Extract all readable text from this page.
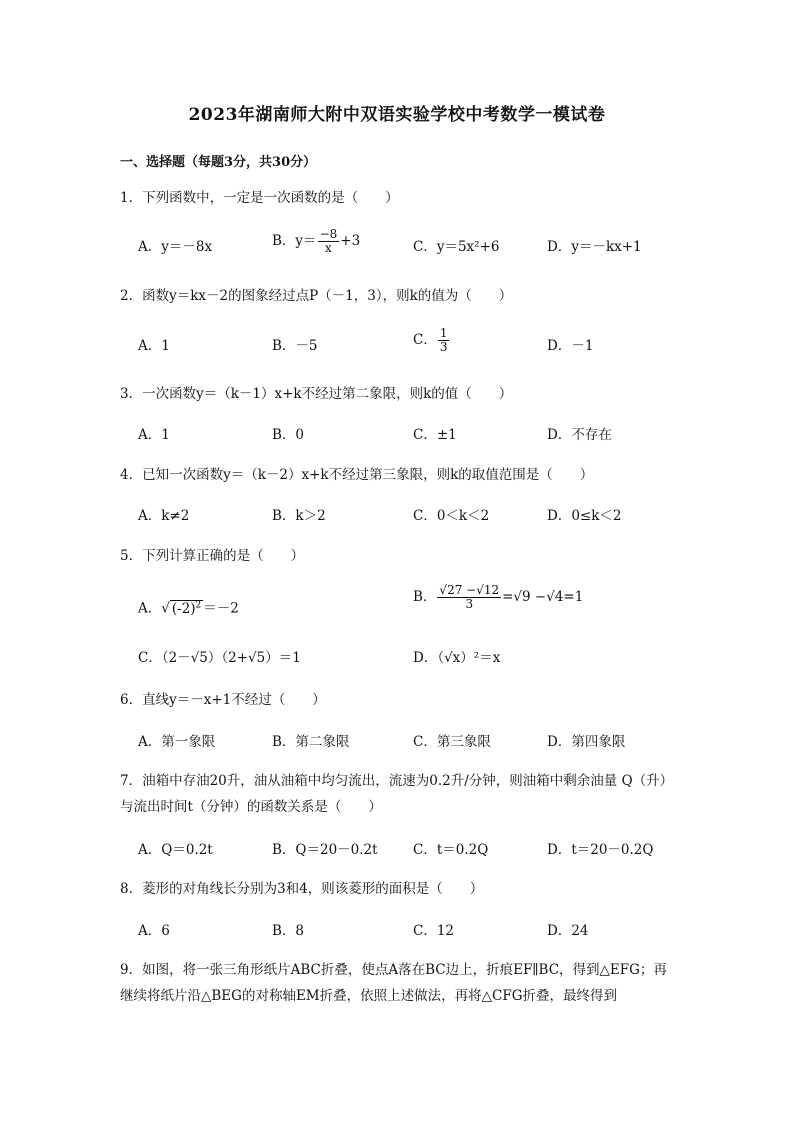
2023年湖南师大附中双语实验学校中考数学一模试卷
一、选择题（每题3分，共30分）
1．下列函数中，一定是一次函数的是（　　）
A．y＝－8x	B．$y= \frac{-8}{x} +3$	C．y＝5x²+6	D．y＝－kx+1
2．函数y＝kx－2的图象经过点P（－1，3），则k的值为（　　）
A．1	B．－5	C． $\frac{1}{3}$	D．－1
3．一次函数y＝（k－1）x+k不经过第二象限，则k的值（　　）
A．1	B．0	C．±1	D．不存在
4．已知一次函数y＝（k－2）x+k不经过第三象限，则k的取值范围是（　　）
A．k≠2	B．k＞2	C．0＜k＜2	D．0≤k＜2
5．下列计算正确的是（　　）
A．√ $(-2)^2 =-2$
B． $\frac{√27 -√12}{3} =√9 -√4=1$
C．（2－√5）（2+√5）＝1	D．（√x）²＝x
6．直线y＝－x+1不经过（　　）
A．第一象限	B．第二象限	C．第三象限	D．第四象限
7．油箱中存油20升，油从油箱中均匀流出，流速为0.2升/分钟，则油箱中剩余油量 Q（升）与流出时间t（分钟）的函数关系是（　　）
A．Q＝0.2t	B．Q＝20－0.2t	C．t＝0.2Q	D．t＝20－0.2Q
8．菱形的对角线长分别为3和4，则该菱形的面积是（　　）
A．6	B．8	C．12	D．24
9．如图，将一张三角形纸片ABC折叠，使点A落在BC边上，折痕EF∥BC，得到△EFG；再继续将纸片沿△BEG的对称轴EM折叠，依照上述做法，再将△CFG折叠，最终得到
